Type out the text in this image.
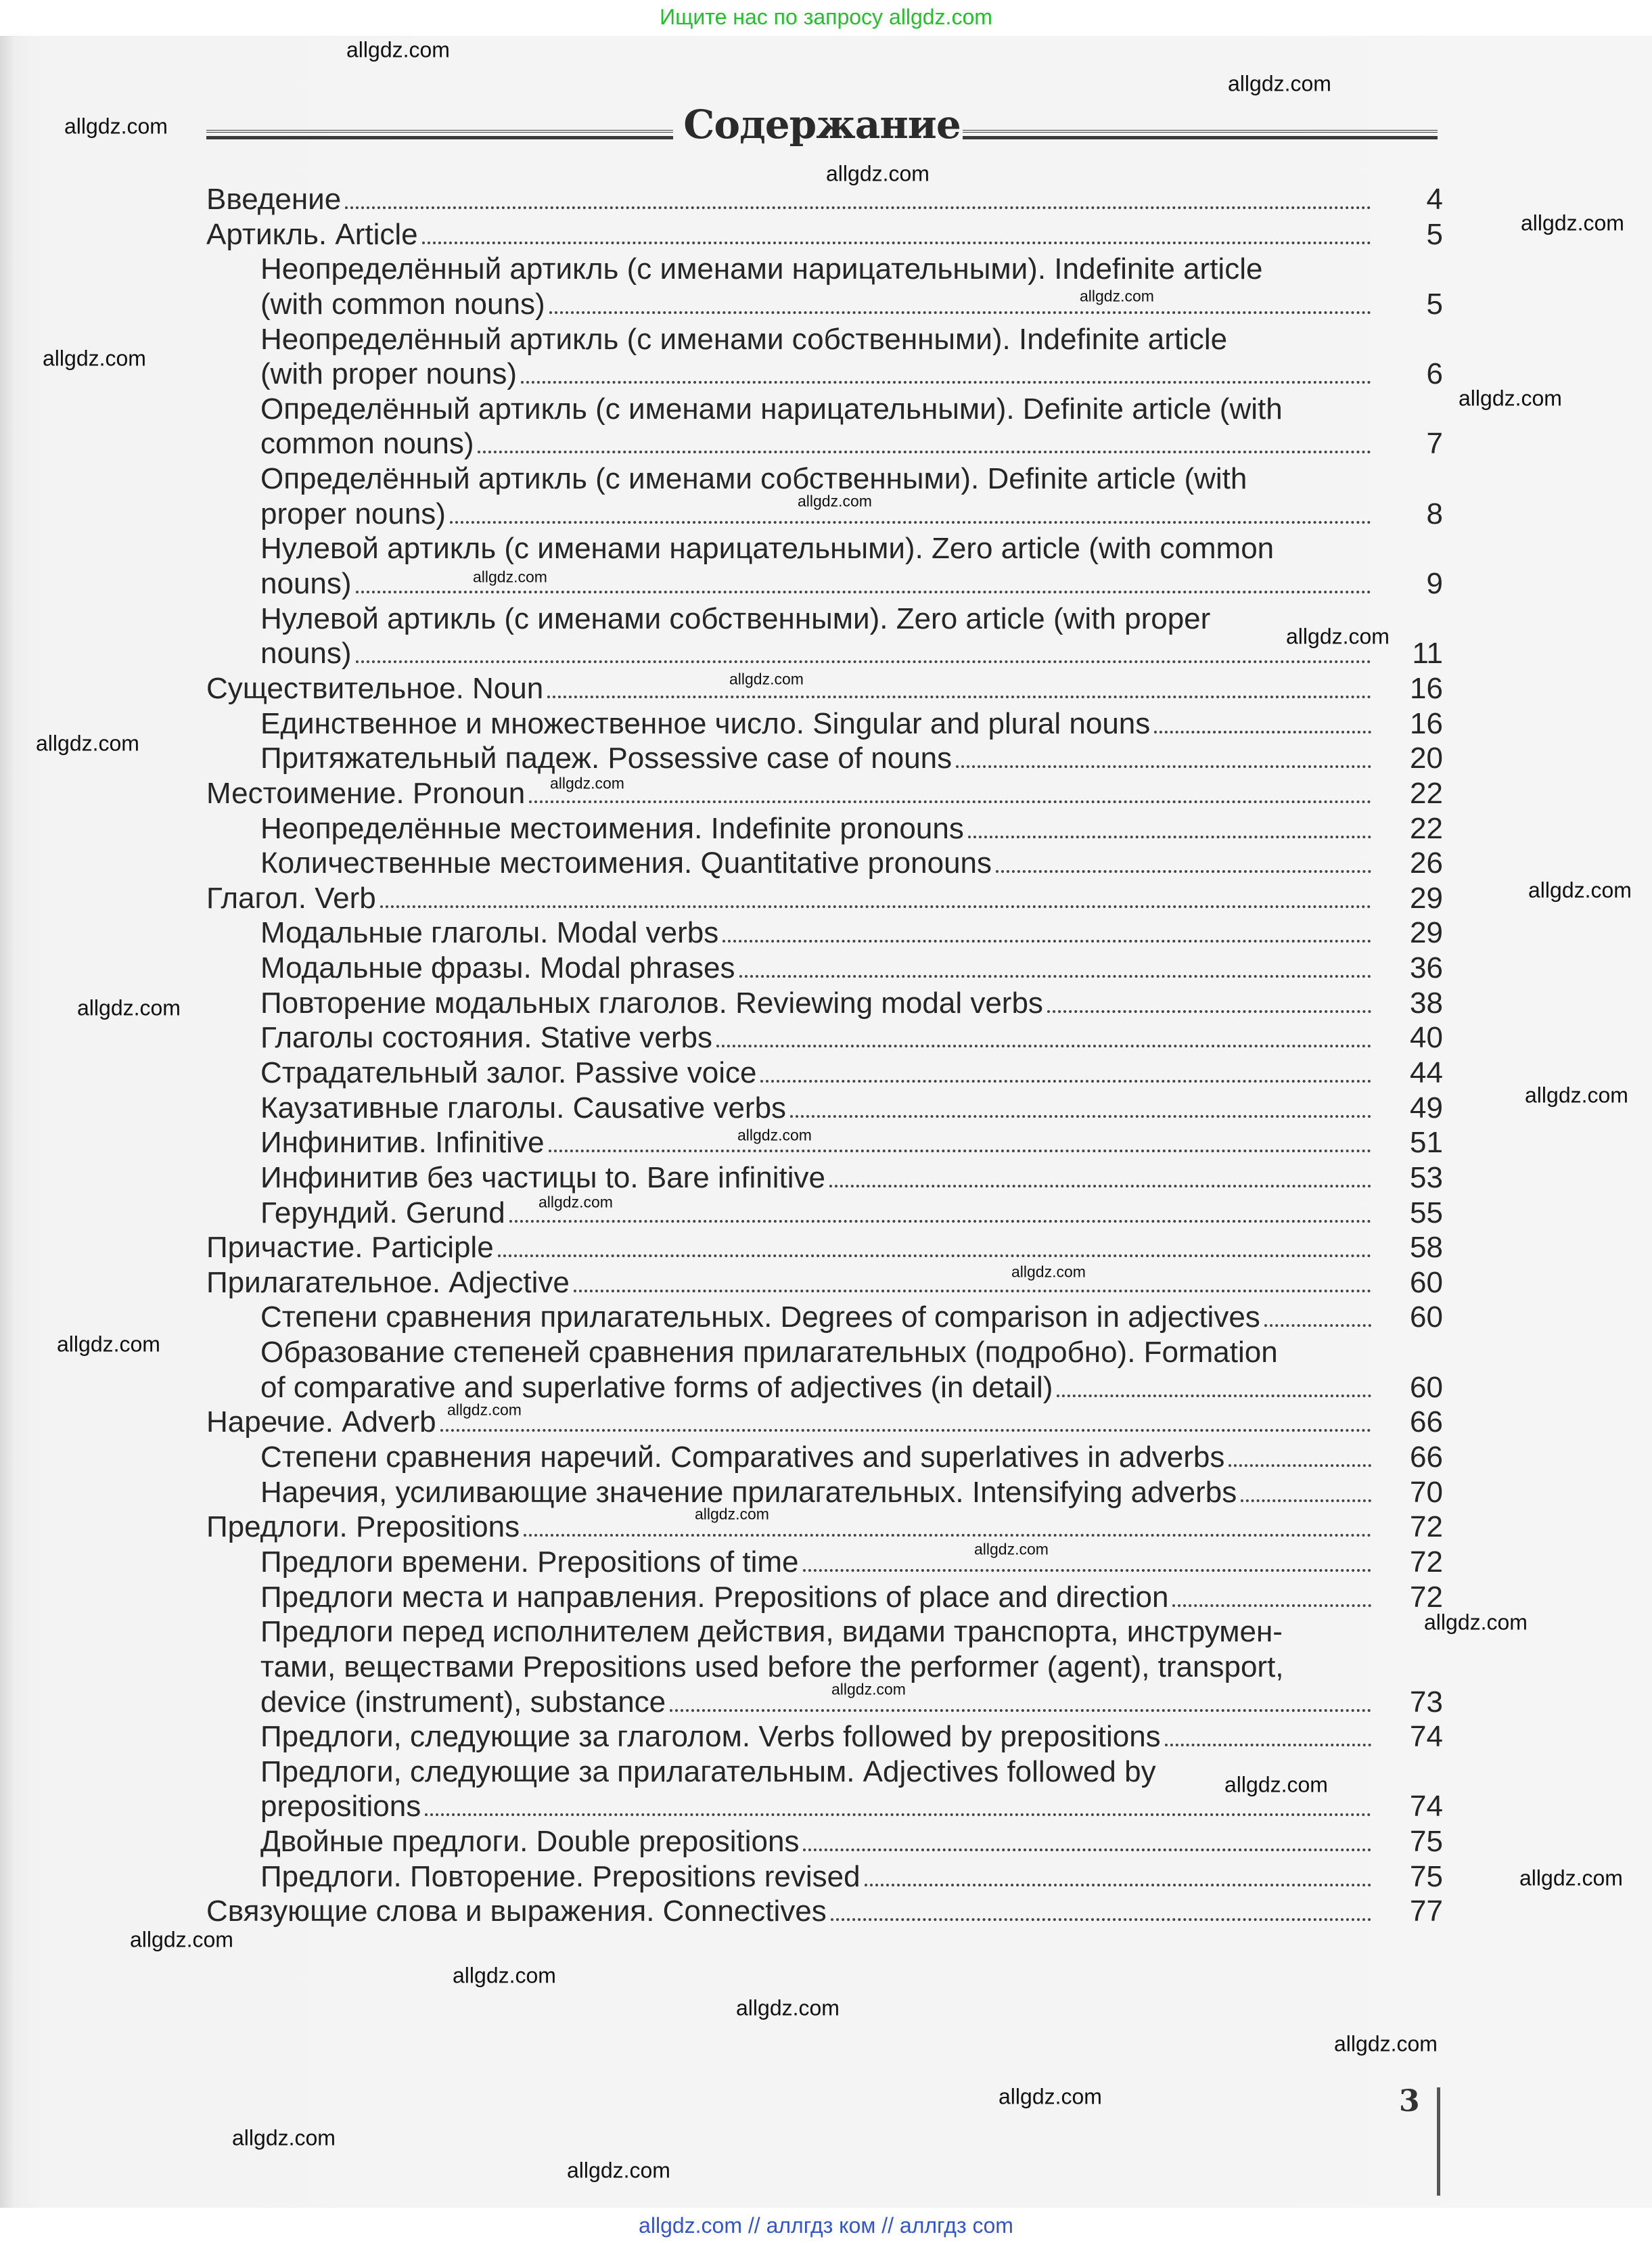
Ищите нас по запросу allgdz.com
Содержание
Введение	4
Артикль. Article	5
Неопределённый артикль (с именами нарицательными). Indefinite article
(with common nouns)	5
Неопределённый артикль (с именами собственными). Indefinite article
(with proper nouns)	6
Определённый артикль (с именами нарицательными). Definite article (with
common nouns)	7
Определённый артикль (с именами собственными). Definite article (with
proper nouns)	8
Нулевой артикль (с именами нарицательными). Zero article (with common
nouns)	9
Нулевой артикль (с именами собственными). Zero article (with proper
nouns)	11
Существительное. Noun	16
Единственное и множественное число. Singular and plural nouns	16
Притяжательный падеж. Possessive case of nouns	20
Местоимение. Pronoun	22
Неопределённые местоимения. Indefinite pronouns	22
Количественные местоимения. Quantitative pronouns	26
Глагол. Verb	29
Модальные глаголы. Modal verbs	29
Модальные фразы. Modal phrases	36
Повторение модальных глаголов. Reviewing modal verbs	38
Глаголы состояния. Stative verbs	40
Страдательный залог. Passive voice	44
Каузативные глаголы. Causative verbs	49
Инфинитив. Infinitive	51
Инфинитив без частицы to. Bare infinitive	53
Герундий. Gerund	55
Причастие. Participle	58
Прилагательное. Adjective	60
Степени сравнения прилагательных. Degrees of comparison in adjectives	60
Образование степеней сравнения прилагательных (подробно). Formation
of comparative and superlative forms of adjectives (in detail)	60
Наречие. Adverb	66
Степени сравнения наречий. Comparatives and superlatives in adverbs	66
Наречия, усиливающие значение прилагательных. Intensifying adverbs	70
Предлоги. Prepositions	72
Предлоги времени. Prepositions of time	72
Предлоги места и направления. Prepositions of place and direction	72
Предлоги перед исполнителем действия, видами транспорта, инструмен-
тами, веществами Prepositions used before the performer (agent), transport,
device (instrument), substance	73
Предлоги, следующие за глаголом. Verbs followed by prepositions	74
Предлоги, следующие за прилагательным. Adjectives followed by
prepositions	74
Двойные предлоги. Double prepositions	75
Предлоги. Повторение. Prepositions revised	75
Связующие слова и выражения. Connectives	77
allgdz.com
allgdz.com
allgdz.com
allgdz.com
allgdz.com
allgdz.com
allgdz.com
allgdz.com
allgdz.com
allgdz.com
allgdz.com
allgdz.com
allgdz.com
allgdz.com
allgdz.com
allgdz.com
allgdz.com
allgdz.com
allgdz.com
allgdz.com
allgdz.com
allgdz.com
allgdz.com
allgdz.com
allgdz.com
allgdz.com
allgdz.com
allgdz.com
allgdz.com
allgdz.com
allgdz.com
allgdz.com
allgdz.com
allgdz.com
allgdz.com
3
allgdz.com // аллгдз ком // аллгдз com
